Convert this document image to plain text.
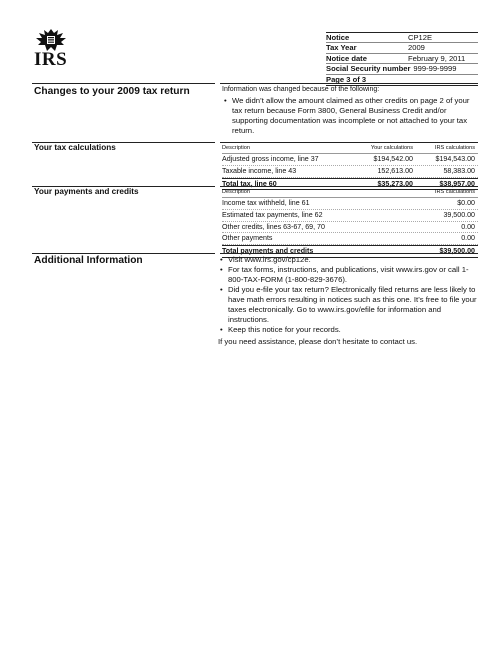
IRS
Notice	CP12E
Tax Year	2009
Notice date	February 9, 2011
Social Security number 999-99-9999
Page 3 of 3
Changes to your 2009 tax return	Information was changed because of the following:
• We didn’t allow the amount claimed as other credits on page 2 of your tax return because Form 3800, General Business Credit and/or supporting documentation was incomplete or not attached to your tax return.
Your tax calculations	Description	Your calculations	IRS calculations
Adjusted gross income, line 37	$194,542.00	$194,543.00
Taxable income, line 43	152,613.00	58,383.00
Total tax, line 60	$35,273.00	$38,957.00
Your payments and credits	Description	IRS calculations
Income tax withheld, line 61	$0.00
Estimated tax payments, line 62	39,500.00
Other credits, lines 63-67, 69, 70	0.00
Other payments	0.00
Total payments and credits	$39,500.00
Additional Information
•	Visit www.irs.gov/cp12e.
• For tax forms, instructions, and publications, visit www.irs.gov or call 1-800-TAX-FORM (1-800-829-3676).
• Did you e-file your tax return? Electronically filed returns are less likely to have math errors resulting in notices such as this one. It’s free to file your taxes electronically. Go to www.irs.gov/efile for information and instructions.
• Keep this notice for your records.
If you need assistance, please don’t hesitate to contact us.
